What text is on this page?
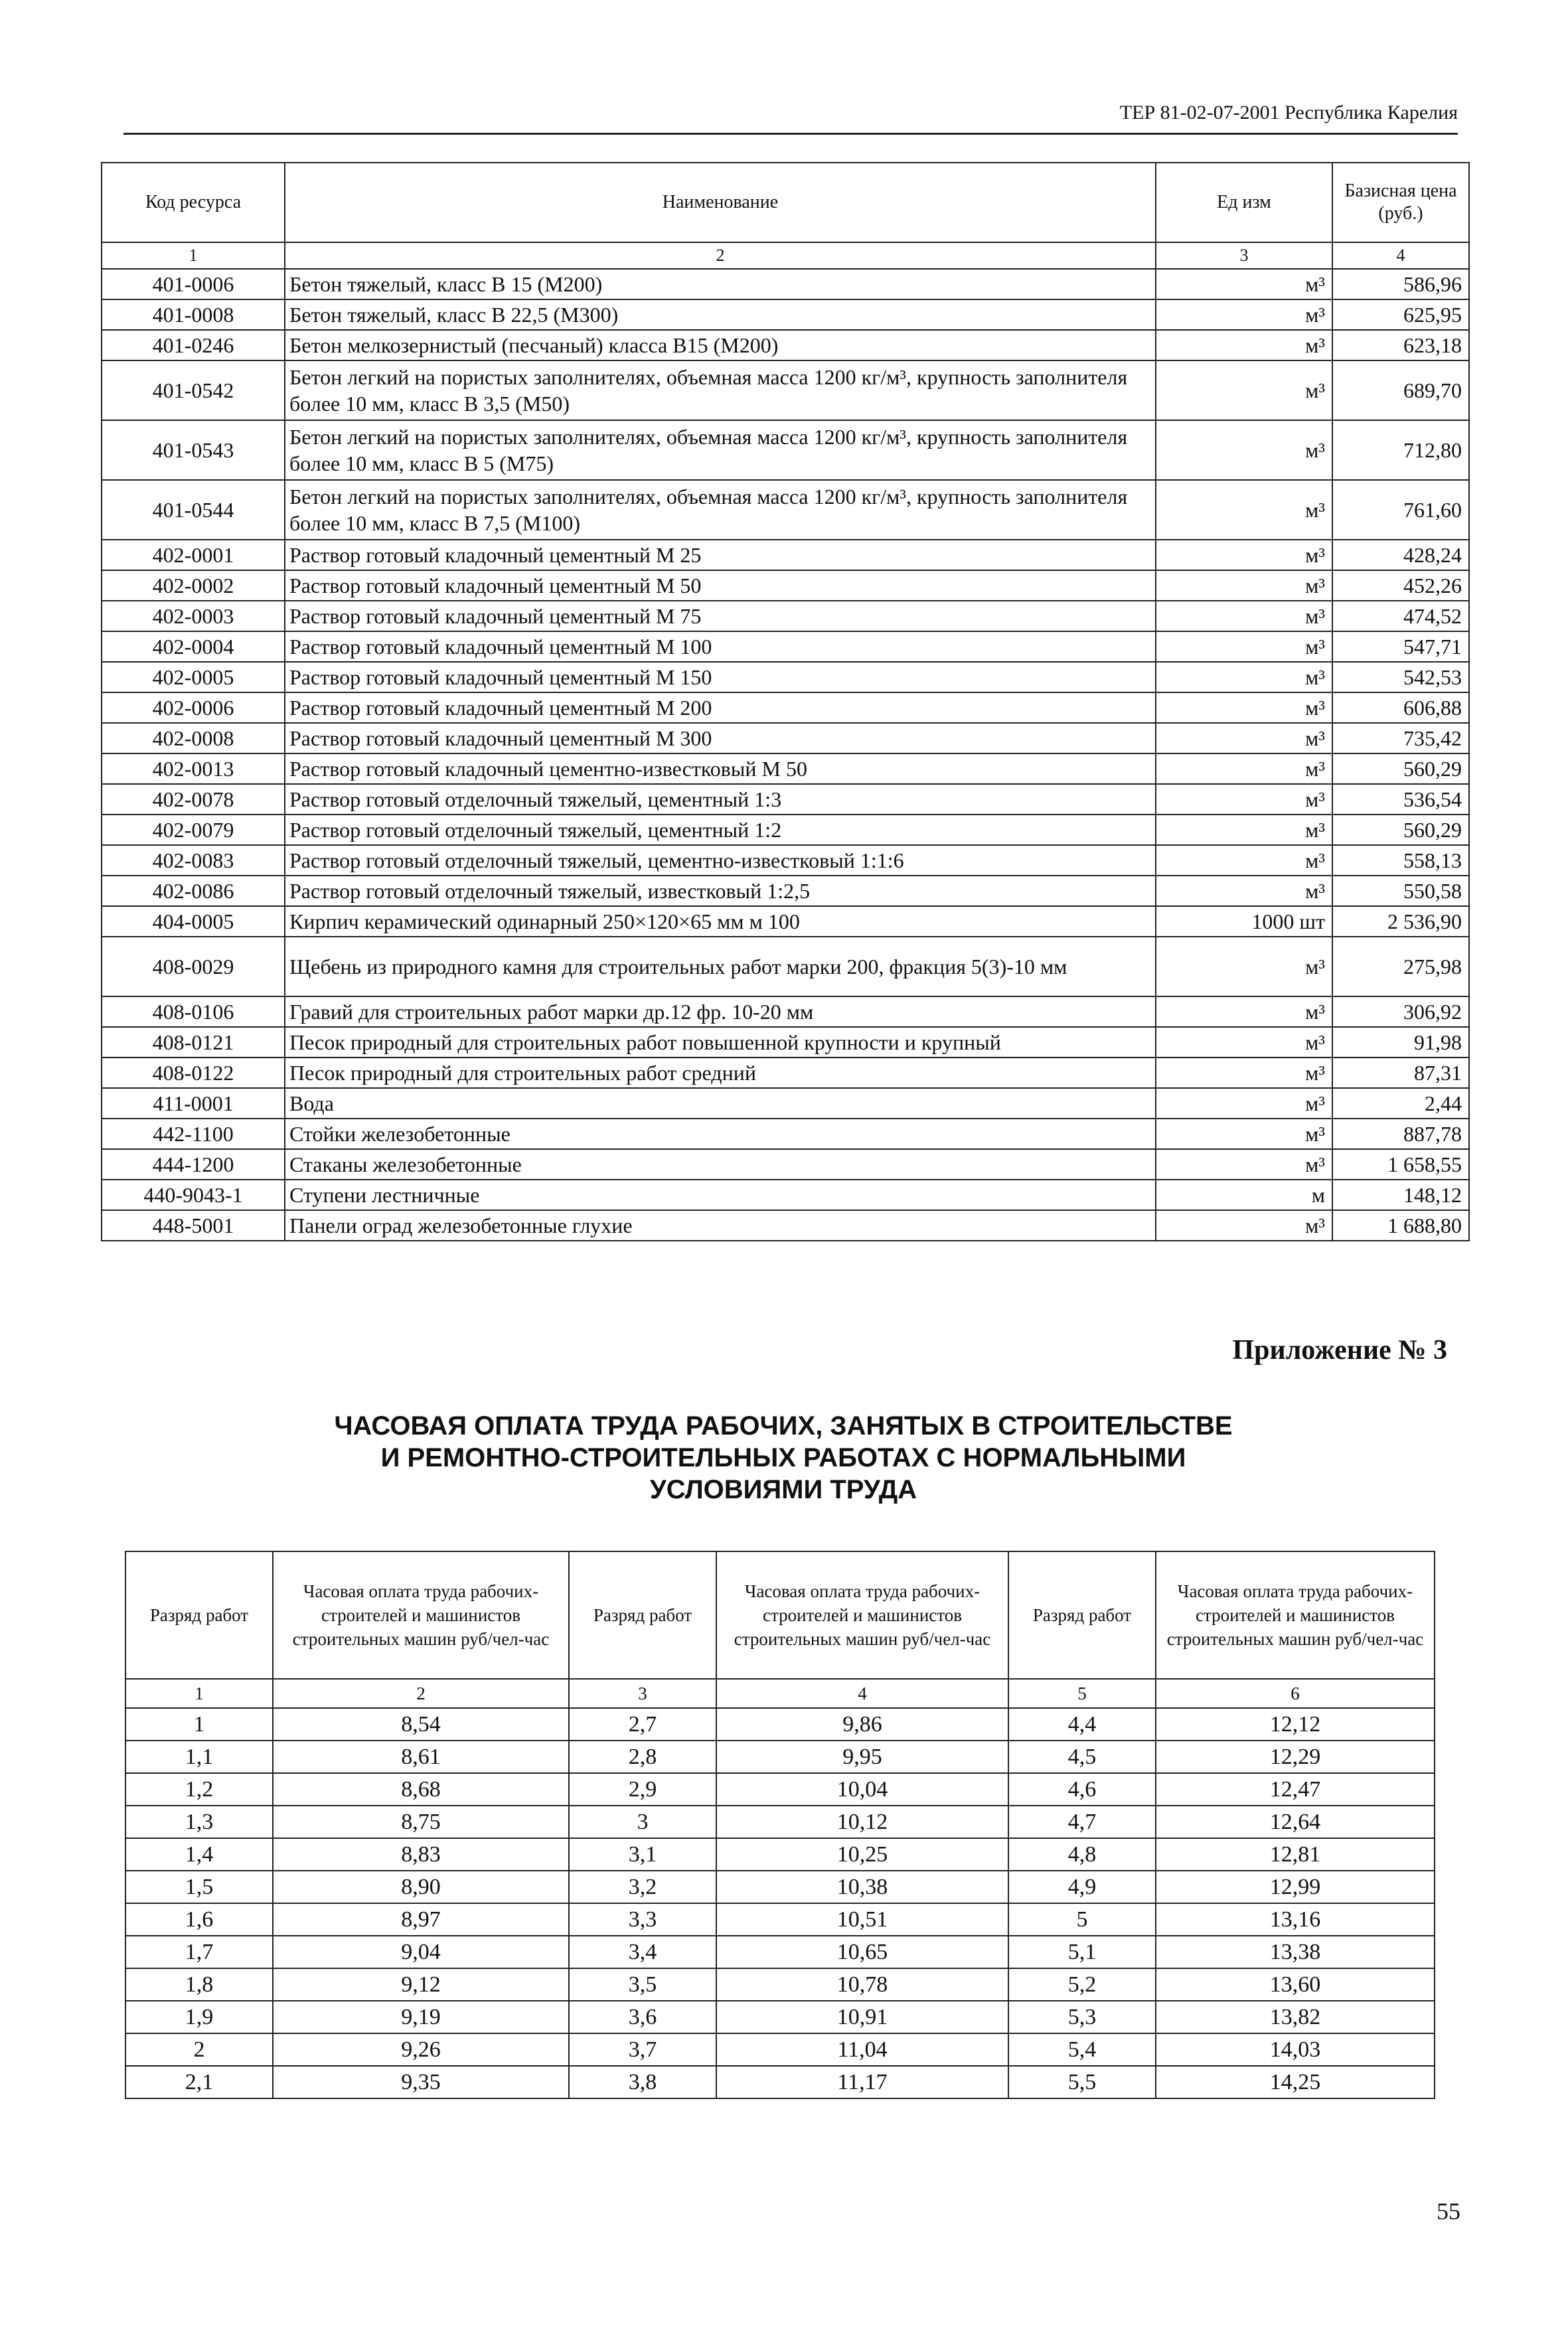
ТЕР 81-02-07-2001 Республика Карелия
Код ресурса	Наименование	Ед изм	Базисная цена (руб.)
1	2	3	4
401-0006	Бетон тяжелый, класс В 15 (М200)	м³	586,96
401-0008	Бетон тяжелый, класс В 22,5 (М300)	м³	625,95
401-0246	Бетон мелкозернистый (песчаный) класса В15 (М200)	м³	623,18
401-0542	Бетон легкий на пористых заполнителях, объемная масса 1200 кг/м³, крупность заполнителя более 10 мм, класс В 3,5 (М50)	м³	689,70
401-0543	Бетон легкий на пористых заполнителях, объемная масса 1200 кг/м³, крупность заполнителя более 10 мм, класс В 5 (М75)	м³	712,80
401-0544	Бетон легкий на пористых заполнителях, объемная масса 1200 кг/м³, крупность заполнителя более 10 мм, класс В 7,5 (М100)	м³	761,60
402-0001	Раствор готовый кладочный цементный М 25	м³	428,24
402-0002	Раствор готовый кладочный цементный М 50	м³	452,26
402-0003	Раствор готовый кладочный цементный М 75	м³	474,52
402-0004	Раствор готовый кладочный цементный М 100	м³	547,71
402-0005	Раствор готовый кладочный цементный М 150	м³	542,53
402-0006	Раствор готовый кладочный цементный М 200	м³	606,88
402-0008	Раствор готовый кладочный цементный М 300	м³	735,42
402-0013	Раствор готовый кладочный цементно-известковый М 50	м³	560,29
402-0078	Раствор готовый отделочный тяжелый, цементный 1:3	м³	536,54
402-0079	Раствор готовый отделочный тяжелый, цементный 1:2	м³	560,29
402-0083	Раствор готовый отделочный тяжелый, цементно-известковый 1:1:6	м³	558,13
402-0086	Раствор готовый отделочный тяжелый, известковый 1:2,5	м³	550,58
404-0005	Кирпич керамический одинарный 250×120×65 мм м 100	1000 шт	2 536,90
408-0029	Щебень из природного камня для строительных работ марки 200, фракция 5(3)-10 мм	м³	275,98
408-0106	Гравий для строительных работ марки др.12 фр. 10-20 мм	м³	306,92
408-0121	Песок природный для строительных работ повышенной крупности и крупный	м³	91,98
408-0122	Песок природный для строительных работ средний	м³	87,31
411-0001	Вода	м³	2,44
442-1100	Стойки железобетонные	м³	887,78
444-1200	Стаканы железобетонные	м³	1 658,55
440-9043-1	Ступени лестничные	м	148,12
448-5001	Панели оград железобетонные глухие	м³	1 688,80
Приложение № 3
ЧАСОВАЯ ОПЛАТА ТРУДА РАБОЧИХ, ЗАНЯТЫХ В СТРОИТЕЛЬСТВЕ
И РЕМОНТНО-СТРОИТЕЛЬНЫХ РАБОТАХ С НОРМАЛЬНЫМИ
УСЛОВИЯМИ ТРУДА
Разряд работ	Часовая оплата труда рабочих-строителей и машинистов строительных машин руб/чел-час	Разряд работ	Часовая оплата труда рабочих-строителей и машинистов строительных машин руб/чел-час	Разряд работ	Часовая оплата труда рабочих-строителей и машинистов строительных машин руб/чел-час
1	2	3	4	5	6
1	8,54	2,7	9,86	4,4	12,12
1,1	8,61	2,8	9,95	4,5	12,29
1,2	8,68	2,9	10,04	4,6	12,47
1,3	8,75	3	10,12	4,7	12,64
1,4	8,83	3,1	10,25	4,8	12,81
1,5	8,90	3,2	10,38	4,9	12,99
1,6	8,97	3,3	10,51	5	13,16
1,7	9,04	3,4	10,65	5,1	13,38
1,8	9,12	3,5	10,78	5,2	13,60
1,9	9,19	3,6	10,91	5,3	13,82
2	9,26	3,7	11,04	5,4	14,03
2,1	9,35	3,8	11,17	5,5	14,25
55
